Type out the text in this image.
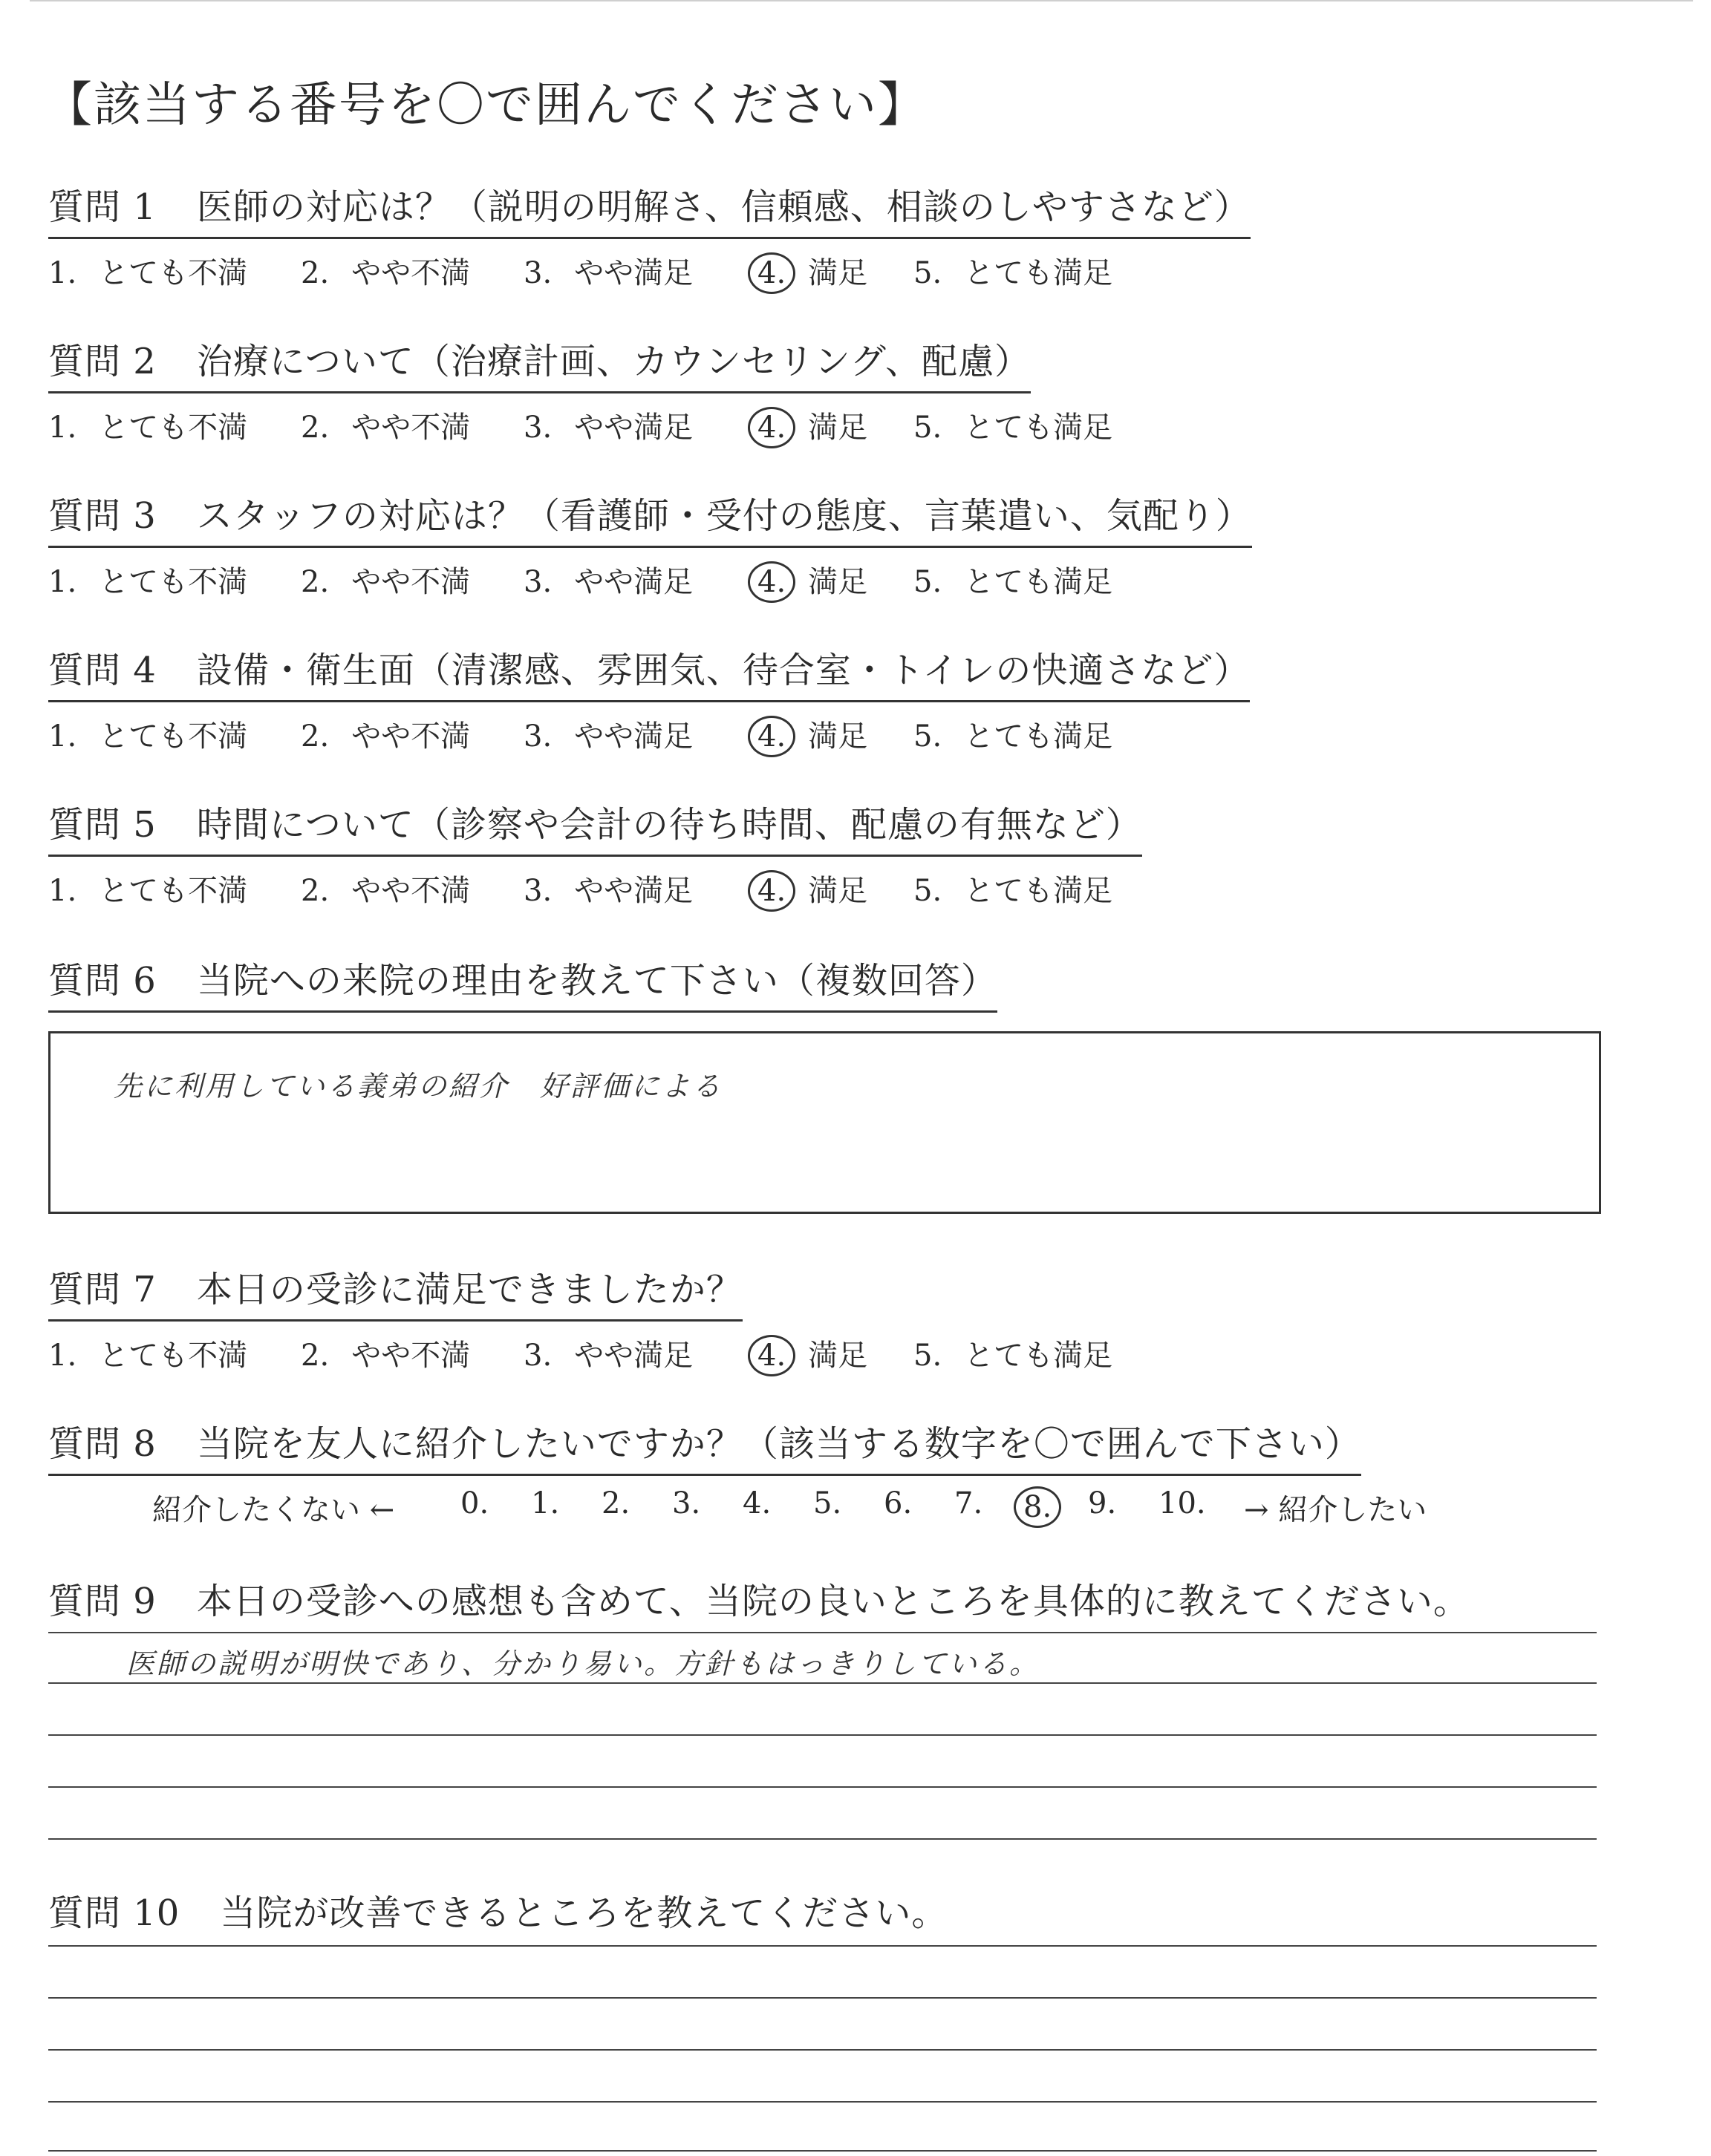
【該当する番号を〇で囲んでください】
質問 1 医師の対応は？（説明の明解さ、信頼感、相談のしやすさなど）
1. とても不満 2. やや不満 3. やや満足 4. 満足 5. とても満足
質問 2 治療について（治療計画、カウンセリング、配慮）
1. とても不満 2. やや不満 3. やや満足 4. 満足 5. とても満足
質問 3 スタッフの対応は？（看護師・受付の態度、言葉遣い、気配り）
1. とても不満 2. やや不満 3. やや満足 4. 満足 5. とても満足
質問 4 設備・衛生面（清潔感、雰囲気、待合室・トイレの快適さなど）
1. とても不満 2. やや不満 3. やや満足 4. 満足 5. とても満足
質問 5 時間について（診察や会計の待ち時間、配慮の有無など）
1. とても不満 2. やや不満 3. やや満足 4. 満足 5. とても満足
質問 6 当院への来院の理由を教えて下さい（複数回答）
先に利用している義弟の紹介　好評価による
質問 7 本日の受診に満足できましたか？
1. とても不満 2. やや不満 3. やや満足 4. 満足 5. とても満足
質問 8 当院を友人に紹介したいですか？（該当する数字を〇で囲んで下さい）
紹介したくない ← 0. 1. 2. 3. 4. 5. 6. 7.	8.	9. 10. → 紹介したい
質問 9 本日の受診への感想も含めて、当院の良いところを具体的に教えてください。
医師の説明が明快であり、分かり易い。方針もはっきりしている。
質問 10 当院が改善できるところを教えてください。
